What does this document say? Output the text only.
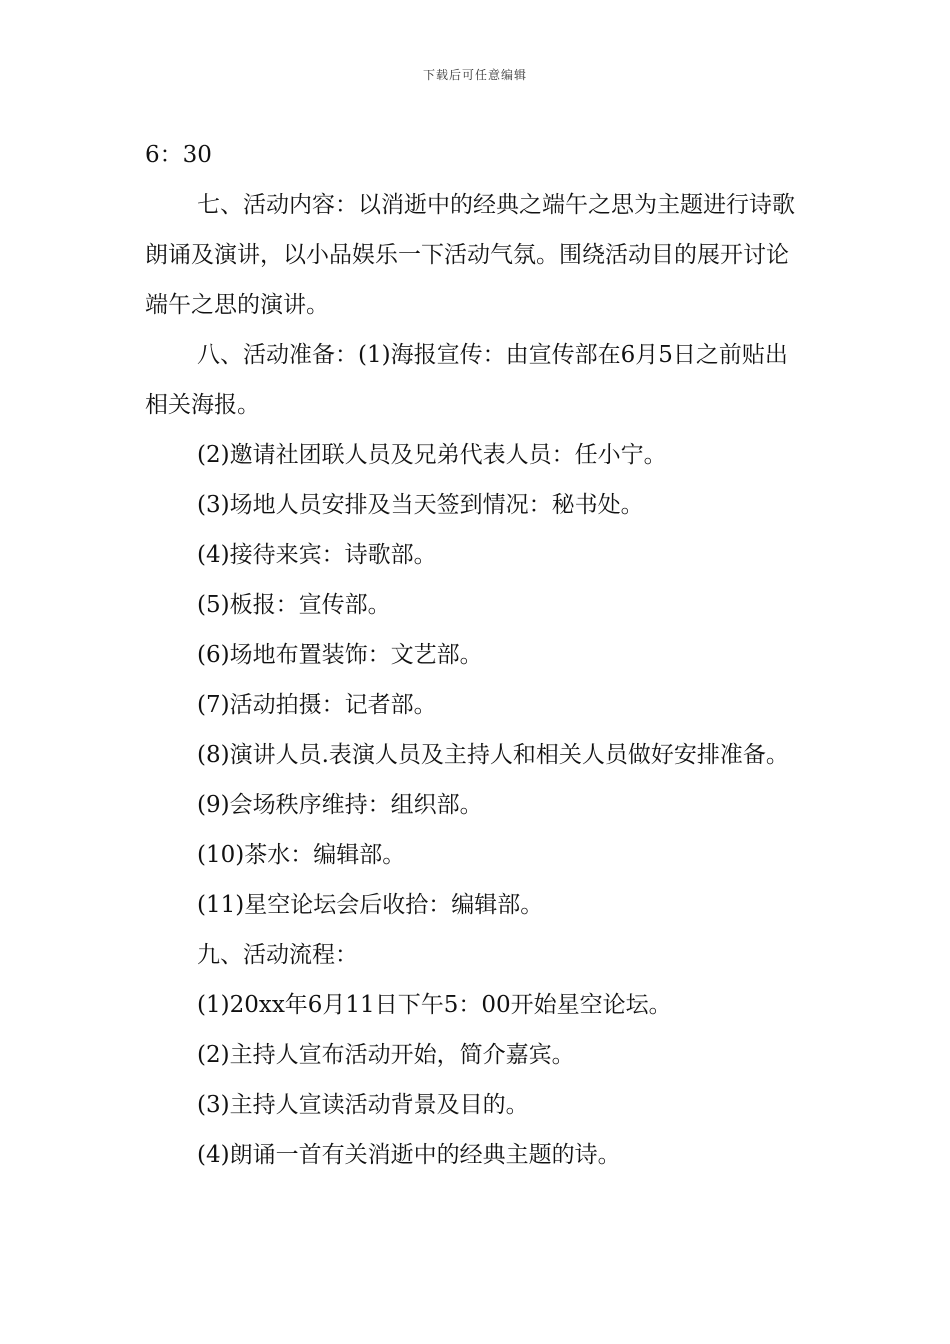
下载后可任意编辑

6：30

七、活动内容：以消逝中的经典之端午之思为主题进行诗歌朗诵及演讲，以小品娱乐一下活动气氛。围绕活动目的展开讨论端午之思的演讲。

八、活动准备：(1)海报宣传：由宣传部在6月5日之前贴出相关海报。

(2)邀请社团联人员及兄弟代表人员：任小宁。

(3)场地人员安排及当天签到情况：秘书处。

(4)接待来宾：诗歌部。

(5)板报：宣传部。

(6)场地布置装饰：文艺部。

(7)活动拍摄：记者部。

(8)演讲人员.表演人员及主持人和相关人员做好安排准备。

(9)会场秩序维持：组织部。

(10)茶水：编辑部。

(11)星空论坛会后收拾：编辑部。

九、活动流程：

(1)20xx年6月11日下午5：00开始星空论坛。

(2)主持人宣布活动开始，简介嘉宾。

(3)主持人宣读活动背景及目的。

(4)朗诵一首有关消逝中的经典主题的诗。
